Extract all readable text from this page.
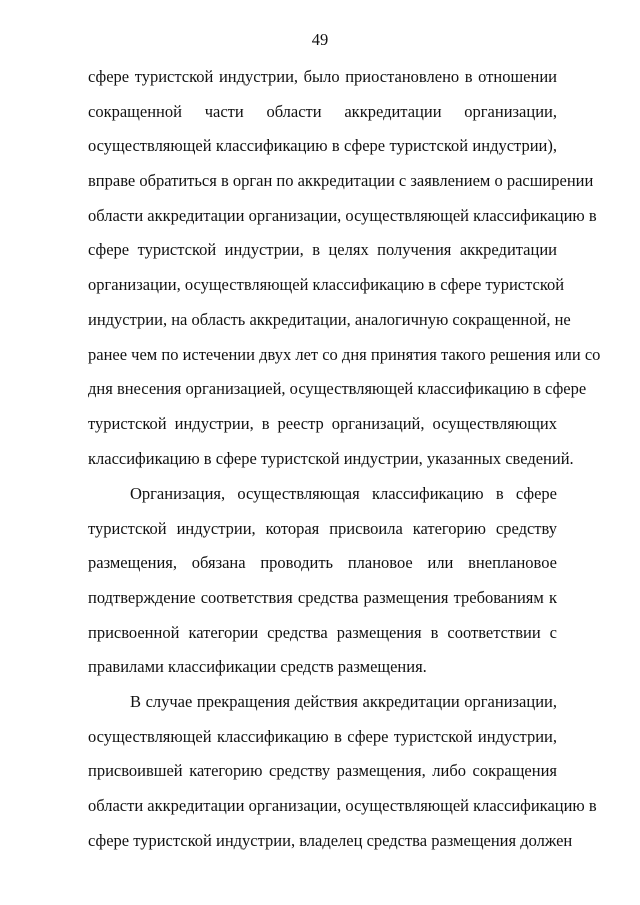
49
сфере туристской индустрии, было приостановлено в отношении
сокращенной части области аккредитации организации,
осуществляющей классификацию в сфере туристской индустрии),
вправе обратиться в орган по аккредитации с заявлением о расширении
области аккредитации организации, осуществляющей классификацию в
сфере туристской индустрии, в целях получения аккредитации
организации, осуществляющей классификацию в сфере туристской
индустрии, на область аккредитации, аналогичную сокращенной, не
ранее чем по истечении двух лет со дня принятия такого решения или со
дня внесения организацией, осуществляющей классификацию в сфере
туристской индустрии, в реестр организаций, осуществляющих
классификацию в сфере туристской индустрии, указанных сведений.
Организация, осуществляющая классификацию в сфере
туристской индустрии, которая присвоила категорию средству
размещения, обязана проводить плановое или внеплановое
подтверждение соответствия средства размещения требованиям к
присвоенной категории средства размещения в соответствии с
правилами классификации средств размещения.
В случае прекращения действия аккредитации организации,
осуществляющей классификацию в сфере туристской индустрии,
присвоившей категорию средству размещения, либо сокращения
области аккредитации организации, осуществляющей классификацию в
сфере туристской индустрии, владелец средства размещения должен
